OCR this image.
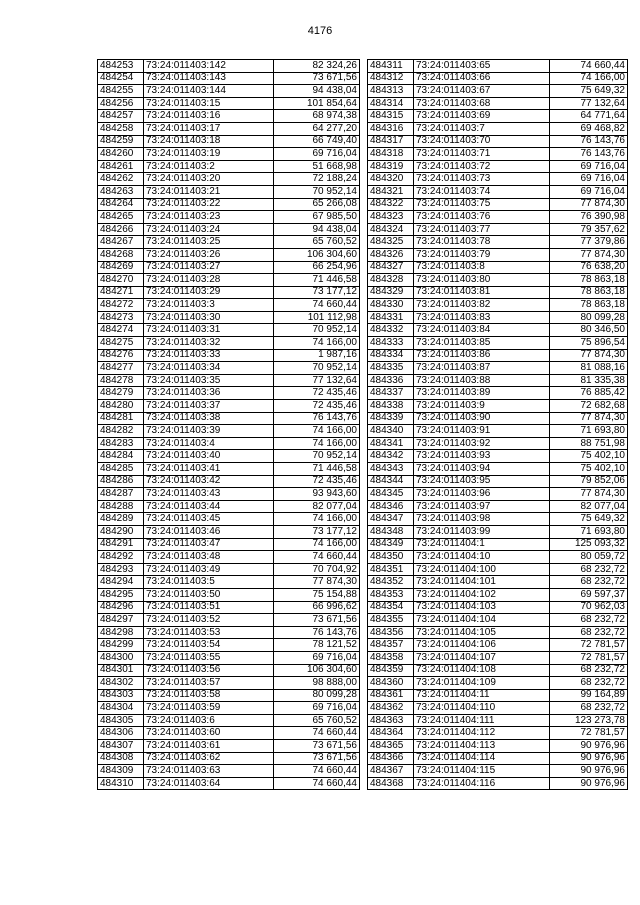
4176
484253	73:24:011403:142	82 324,26
484254	73:24:011403:143	73 671,56
484255	73:24:011403:144	94 438,04
484256	73:24:011403:15	101 854,64
484257	73:24:011403:16	68 974,38
484258	73:24:011403:17	64 277,20
484259	73:24:011403:18	66 749,40
484260	73:24:011403:19	69 716,04
484261	73:24:011403:2	51 668,98
484262	73:24:011403:20	72 188,24
484263	73:24:011403:21	70 952,14
484264	73:24:011403:22	65 266,08
484265	73:24:011403:23	67 985,50
484266	73:24:011403:24	94 438,04
484267	73:24:011403:25	65 760,52
484268	73:24:011403:26	106 304,60
484269	73:24:011403:27	66 254,96
484270	73:24:011403:28	71 446,58
484271	73:24:011403:29	73 177,12
484272	73:24:011403:3	74 660,44
484273	73:24:011403:30	101 112,98
484274	73:24:011403:31	70 952,14
484275	73:24:011403:32	74 166,00
484276	73:24:011403:33	1 987,16
484277	73:24:011403:34	70 952,14
484278	73:24:011403:35	77 132,64
484279	73:24:011403:36	72 435,46
484280	73:24:011403:37	72 435,46
484281	73:24:011403:38	76 143,76
484282	73:24:011403:39	74 166,00
484283	73:24:011403:4	74 166,00
484284	73:24:011403:40	70 952,14
484285	73:24:011403:41	71 446,58
484286	73:24:011403:42	72 435,46
484287	73:24:011403:43	93 943,60
484288	73:24:011403:44	82 077,04
484289	73:24:011403:45	74 166,00
484290	73:24:011403:46	73 177,12
484291	73:24:011403:47	74 166,00
484292	73:24:011403:48	74 660,44
484293	73:24:011403:49	70 704,92
484294	73:24:011403:5	77 874,30
484295	73:24:011403:50	75 154,88
484296	73:24:011403:51	66 996,62
484297	73:24:011403:52	73 671,56
484298	73:24:011403:53	76 143,76
484299	73:24:011403:54	78 121,52
484300	73:24:011403:55	69 716,04
484301	73:24:011403:56	106 304,60
484302	73:24:011403:57	98 888,00
484303	73:24:011403:58	80 099,28
484304	73:24:011403:59	69 716,04
484305	73:24:011403:6	65 760,52
484306	73:24:011403:60	74 660,44
484307	73:24:011403:61	73 671,56
484308	73:24:011403:62	73 671,56
484309	73:24:011403:63	74 660,44
484310	73:24:011403:64	74 660,44
484311	73:24:011403:65	74 660,44
484312	73:24:011403:66	74 166,00
484313	73:24:011403:67	75 649,32
484314	73:24:011403:68	77 132,64
484315	73:24:011403:69	64 771,64
484316	73:24:011403:7	69 468,82
484317	73:24:011403:70	76 143,76
484318	73:24:011403:71	76 143,76
484319	73:24:011403:72	69 716,04
484320	73:24:011403:73	69 716,04
484321	73:24:011403:74	69 716,04
484322	73:24:011403:75	77 874,30
484323	73:24:011403:76	76 390,98
484324	73:24:011403:77	79 357,62
484325	73:24:011403:78	77 379,86
484326	73:24:011403:79	77 874,30
484327	73:24:011403:8	76 638,20
484328	73:24:011403:80	78 863,18
484329	73:24:011403:81	78 863,18
484330	73:24:011403:82	78 863,18
484331	73:24:011403:83	80 099,28
484332	73:24:011403:84	80 346,50
484333	73:24:011403:85	75 896,54
484334	73:24:011403:86	77 874,30
484335	73:24:011403:87	81 088,16
484336	73:24:011403:88	81 335,38
484337	73:24:011403:89	76 885,42
484338	73:24:011403:9	72 682,68
484339	73:24:011403:90	77 874,30
484340	73:24:011403:91	71 693,80
484341	73:24:011403:92	88 751,98
484342	73:24:011403:93	75 402,10
484343	73:24:011403:94	75 402,10
484344	73:24:011403:95	79 852,06
484345	73:24:011403:96	77 874,30
484346	73:24:011403:97	82 077,04
484347	73:24:011403:98	75 649,32
484348	73:24:011403:99	71 693,80
484349	73:24:011404:1	125 093,32
484350	73:24:011404:10	80 059,72
484351	73:24:011404:100	68 232,72
484352	73:24:011404:101	68 232,72
484353	73:24:011404:102	69 597,37
484354	73:24:011404:103	70 962,03
484355	73:24:011404:104	68 232,72
484356	73:24:011404:105	68 232,72
484357	73:24:011404:106	72 781,57
484358	73:24:011404:107	72 781,57
484359	73:24:011404:108	68 232,72
484360	73:24:011404:109	68 232,72
484361	73:24:011404:11	99 164,89
484362	73:24:011404:110	68 232,72
484363	73:24:011404:111	123 273,78
484364	73:24:011404:112	72 781,57
484365	73:24:011404:113	90 976,96
484366	73:24:011404:114	90 976,96
484367	73:24:011404:115	90 976,96
484368	73:24:011404:116	90 976,96
